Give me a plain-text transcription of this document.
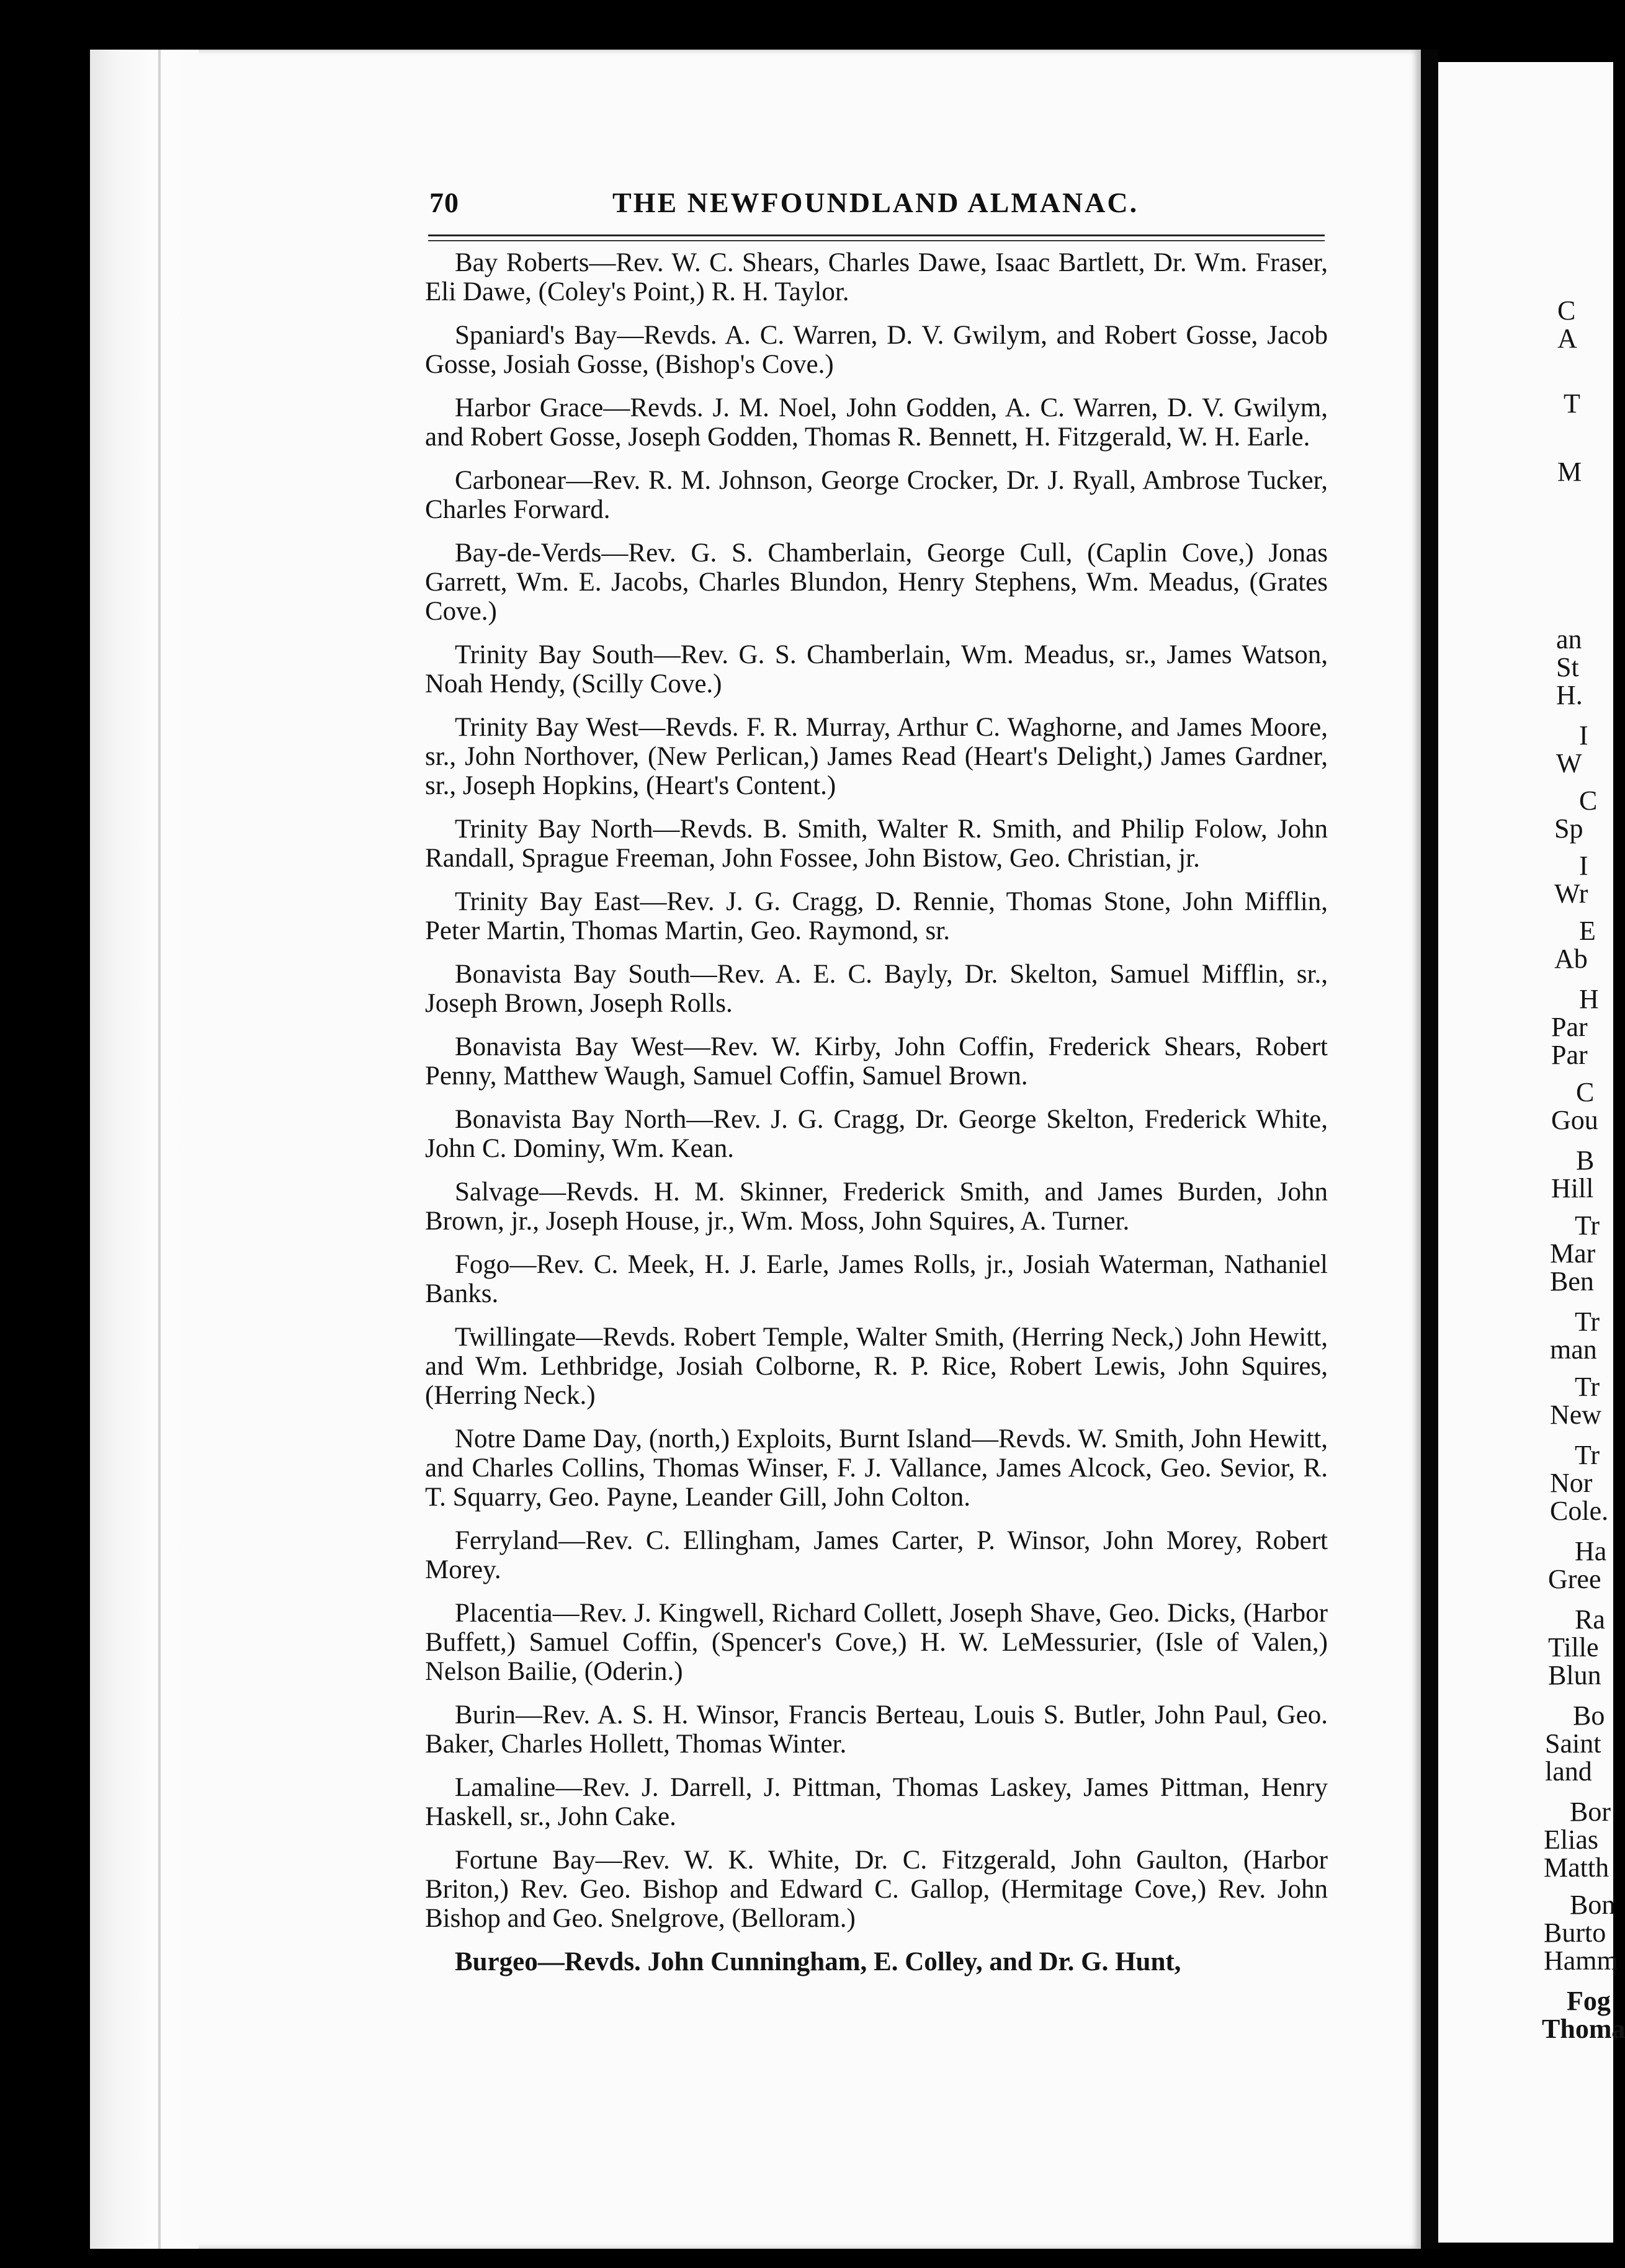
70	THE NEWFOUNDLAND ALMANAC.

Bay Roberts—Rev. W. C. Shears, Charles Dawe, Isaac Bartlett, Dr. Wm. Fraser, Eli Dawe, (Coley's Point,) R. H. Taylor.

Spaniard's Bay—Revds. A. C. Warren, D. V. Gwilym, and Robert Gosse, Jacob Gosse, Josiah Gosse, (Bishop's Cove.)

Harbor Grace—Revds. J. M. Noel, John Godden, A. C. Warren, D. V. Gwilym, and Robert Gosse, Joseph Godden, Thomas R. Bennett, H. Fitzgerald, W. H. Earle.

Carbonear—Rev. R. M. Johnson, George Crocker, Dr. J. Ryall, Ambrose Tucker, Charles Forward.

Bay-de-Verds—Rev. G. S. Chamberlain, George Cull, (Caplin Cove,) Jonas Garrett, Wm. E. Jacobs, Charles Blundon, Henry Stephens, Wm. Meadus, (Grates Cove.)

Trinity Bay South—Rev. G. S. Chamberlain, Wm. Meadus, sr., James Watson, Noah Hendy, (Scilly Cove.)

Trinity Bay West—Revds. F. R. Murray, Arthur C. Waghorne, and James Moore, sr., John Northover, (New Perlican,) James Read (Heart's Delight,) James Gardner, sr., Joseph Hopkins, (Heart's Content.)

Trinity Bay North—Revds. B. Smith, Walter R. Smith, and Philip Folow, John Randall, Sprague Freeman, John Fossee, John Bistow, Geo. Christian, jr.

Trinity Bay East—Rev. J. G. Cragg, D. Rennie, Thomas Stone, John Mifflin, Peter Martin, Thomas Martin, Geo. Raymond, sr.

Bonavista Bay South—Rev. A. E. C. Bayly, Dr. Skelton, Samuel Mifflin, sr., Joseph Brown, Joseph Rolls.

Bonavista Bay West—Rev. W. Kirby, John Coffin, Frederick Shears, Robert Penny, Matthew Waugh, Samuel Coffin, Samuel Brown.

Bonavista Bay North—Rev. J. G. Cragg, Dr. George Skelton, Frederick White, John C. Dominy, Wm. Kean.

Salvage—Revds. H. M. Skinner, Frederick Smith, and James Burden, John Brown, jr., Joseph House, jr., Wm. Moss, John Squires, A. Turner.

Fogo—Rev. C. Meek, H. J. Earle, James Rolls, jr., Josiah Waterman, Nathaniel Banks.

Twillingate—Revds. Robert Temple, Walter Smith, (Herring Neck,) John Hewitt, and Wm. Lethbridge, Josiah Colborne, R. P. Rice, Robert Lewis, John Squires, (Herring Neck.)

Notre Dame Day, (north,) Exploits, Burnt Island—Revds. W. Smith, John Hewitt, and Charles Collins, Thomas Winser, F. J. Vallance, James Alcock, Geo. Sevior, R. T. Squarry, Geo. Payne, Leander Gill, John Colton.

Ferryland—Rev. C. Ellingham, James Carter, P. Winsor, John Morey, Robert Morey.

Placentia—Rev. J. Kingwell, Richard Collett, Joseph Shave, Geo. Dicks, (Harbor Buffett,) Samuel Coffin, (Spencer's Cove,) H. W. LeMessurier, (Isle of Valen,) Nelson Bailie, (Oderin.)

Burin—Rev. A. S. H. Winsor, Francis Berteau, Louis S. Butler, John Paul, Geo. Baker, Charles Hollett, Thomas Winter.

Lamaline—Rev. J. Darrell, J. Pittman, Thomas Laskey, James Pittman, Henry Haskell, sr., John Cake.

Fortune Bay—Rev. W. K. White, Dr. C. Fitzgerald, John Gaulton, (Harbor Briton,) Rev. Geo. Bishop and Edward C. Gallop, (Hermitage Cove,) Rev. John Bishop and Geo. Snelgrove, (Belloram.)

Burgeo—Revds. John Cunningham, E. Colley, and Dr. G. Hunt,

C
A
T
M
an
St
H.
I
W
C
Sp
I
Wr
E
Ab
H
Par
Par
C
Gou
B
Hill
Tr
Mar
Ben
Tr
man
Tr
New
Tr
Nor
Cole.
Ha
Gree
Ra
Tille
Blun
Bo
Saint
land
Bor
Elias
Matth
Bon
Burto
Hamm
Fog
Thoma
